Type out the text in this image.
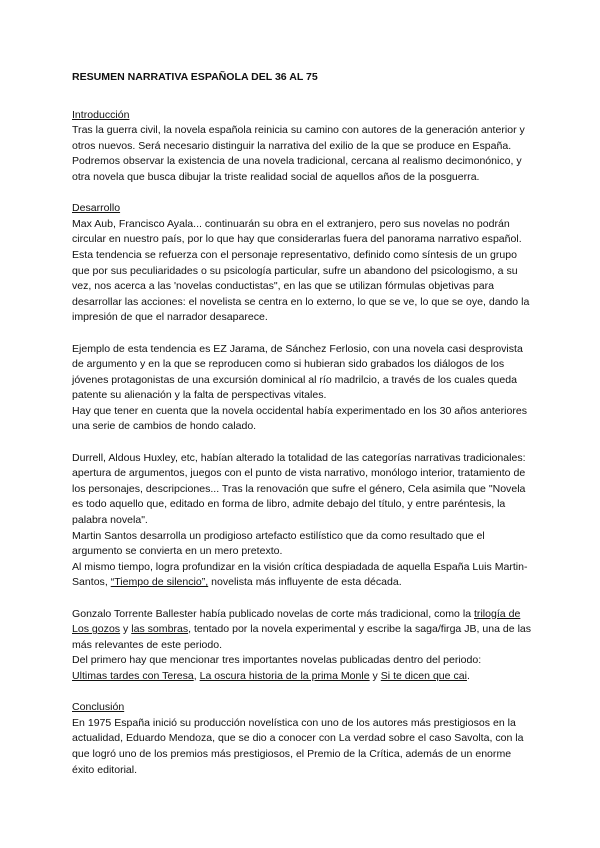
RESUMEN NARRATIVA ESPAÑOLA DEL 36 AL 75

Introducción

Tras la guerra civil, la novela española reinicia su camino con autores de la generación anterior y otros nuevos. Será necesario distinguir la narrativa del exilio de la que se produce en España. Podremos observar la existencia de una novela tradicional, cercana al realismo decimonónico, y otra novela que busca dibujar la triste realidad social de aquellos años de la posguerra.

Desarrollo

Max Aub, Francisco Ayala... continuarán su obra en el extranjero, pero sus novelas no podrán circular en nuestro país, por lo que hay que considerarlas fuera del panorama narrativo español.

Esta tendencia se refuerza con el personaje representativo, definido como síntesis de un grupo que por sus peculiaridades o su psicología particular, sufre un abandono del psicologismo, a su vez, nos acerca a las 'novelas conductistas", en las que se utilizan fórmulas objetivas para desarrollar las acciones: el novelista se centra en lo externo, lo que se ve, lo que se oye, dando la impresión de que el narrador desaparece.

Ejemplo de esta tendencia es EZ Jarama, de Sánchez Ferlosio, con una novela casi desprovista de argumento y en la que se reproducen como si hubieran sido grabados los diálogos de los jóvenes protagonistas de una excursión dominical al río madrilcio, a través de los cuales queda patente su alienación y la falta de perspectivas vitales.

Hay que tener en cuenta que la novela occidental había experimentado en los 30 años anteriores una serie de cambios de hondo calado.

Durrell, Aldous Huxley, etc, habían alterado la totalidad de las categorías narrativas tradicionales: apertura de argumentos, juegos con el punto de vista narrativo, monólogo interior, tratamiento de los personajes, descripciones... Tras la renovación que sufre el género, Cela asimila que "Novela es todo aquello que, editado en forma de libro, admite debajo del título, y entre paréntesis, la palabra novela".

Martin Santos desarrolla un prodigioso artefacto estilístico que da como resultado que el argumento se convierta en un mero pretexto.

Al mismo tiempo, logra profundizar en la visión crítica despiadada de aquella España Luis Martin-Santos, “Tiempo de silencio”, novelista más influyente de esta década.

Gonzalo Torrente Ballester había publicado novelas de corte más tradicional, como la trilogía de Los gozos y las sombras, tentado por la novela experimental y escribe la saga/firga JB, una de las más relevantes de este periodo.

Del primero hay que mencionar tres importantes novelas publicadas dentro del periodo:

Ultimas tardes con Teresa, La oscura historia de la prima Monle y Si te dicen que cai.

Conclusión

En 1975 España inició su producción novelística con uno de los autores más prestigiosos en la actualidad, Eduardo Mendoza, que se dio a conocer con La verdad sobre el caso Savolta, con la que logró uno de los premios más prestigiosos, el Premio de la Crítica, además de un enorme éxito editorial.
